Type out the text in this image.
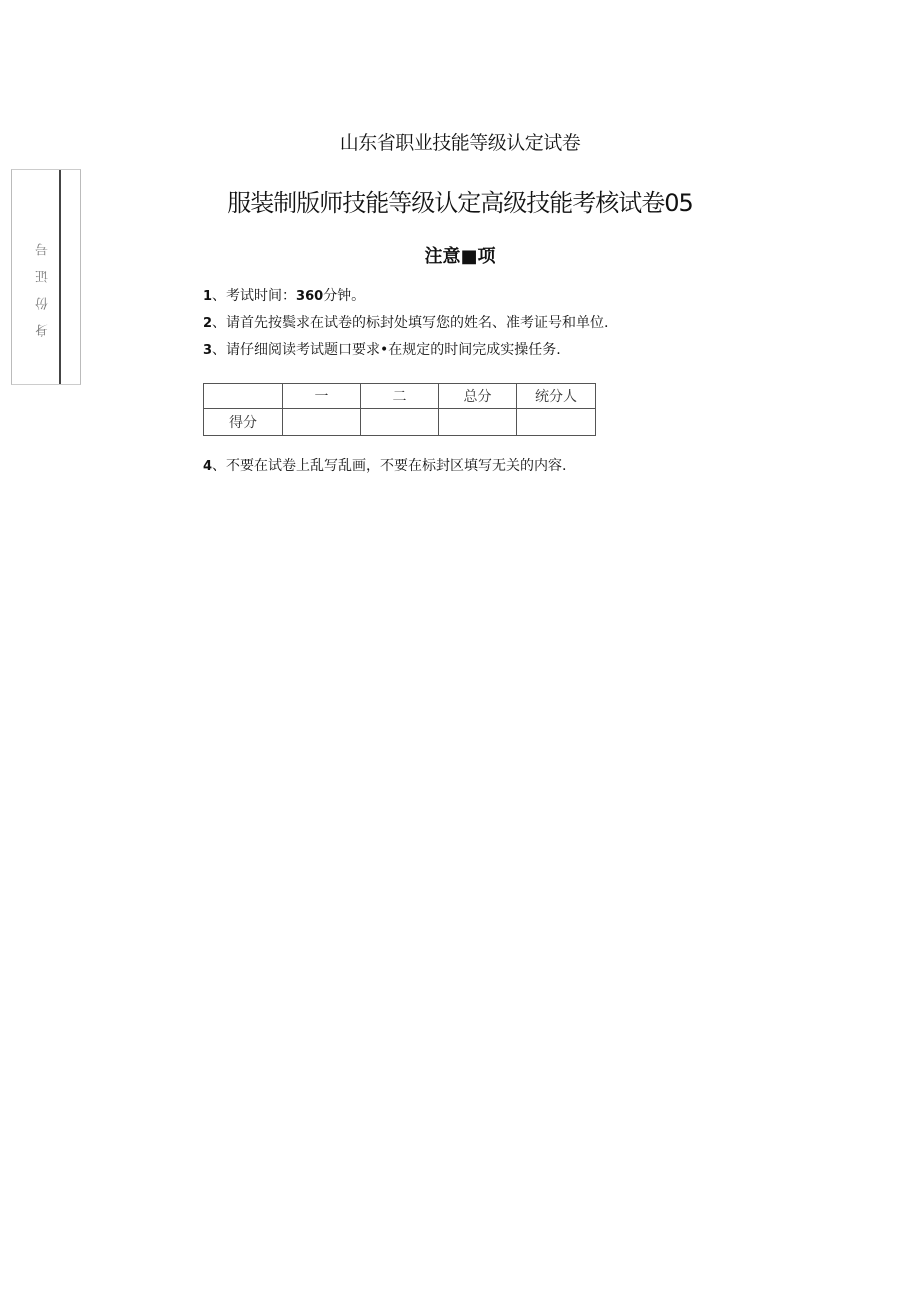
身份证号
山东省职业技能等级认定试卷
服装制版师技能等级认定高级技能考核试卷05
注意■项
1、考试时间：360分钟。
2、请首先按鬓求在试卷的标封处填写您的姓名、准考证号和单位.
3、请仔细阅读考试题口要求•在规定的时间完成实操任务.
	一	二	总分	统分人
得分				
4、不要在试卷上乱写乱画，不要在标封区填写无关的内容.
